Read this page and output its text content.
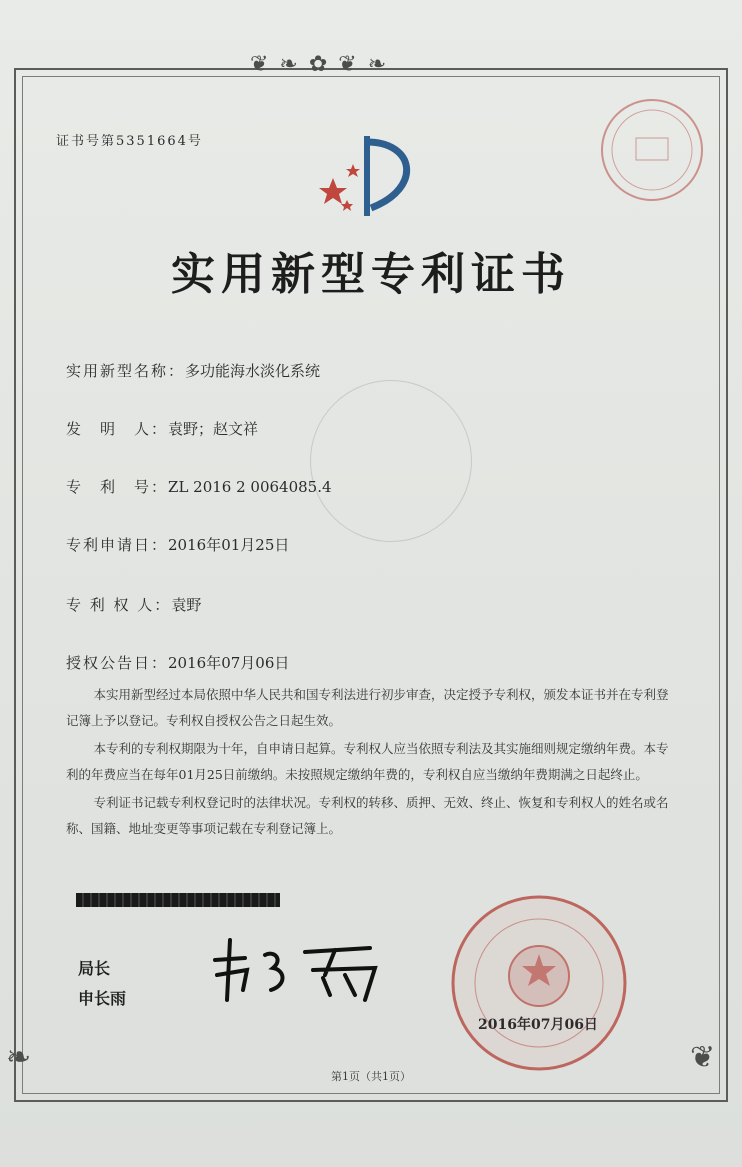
❦ ❧ ✿ ❦ ❧
❧	❦
证书号第5351664号
实用新型专利证书
实用新型名称：多功能海水淡化系统
发　明　人：袁野；赵文祥
专　利　号：ZL 2016 2 0064085.4
专利申请日：2016年01月25日
专 利 权 人：袁野
授权公告日：2016年07月06日

本实用新型经过本局依照中华人民共和国专利法进行初步审查，决定授予专利权，颁发本证书并在专利登记簿上予以登记。专利权自授权公告之日起生效。

本专利的专利权期限为十年，自申请日起算。专利权人应当依照专利法及其实施细则规定缴纳年费。本专利的年费应当在每年01月25日前缴纳。未按照规定缴纳年费的，专利权自应当缴纳年费期满之日起终止。

专利证书记载专利权登记时的法律状况。专利权的转移、质押、无效、终止、恢复和专利权人的姓名或名称、国籍、地址变更等事项记载在专利登记簿上。

局长
申长雨
2016年07月06日
第1页（共1页）
